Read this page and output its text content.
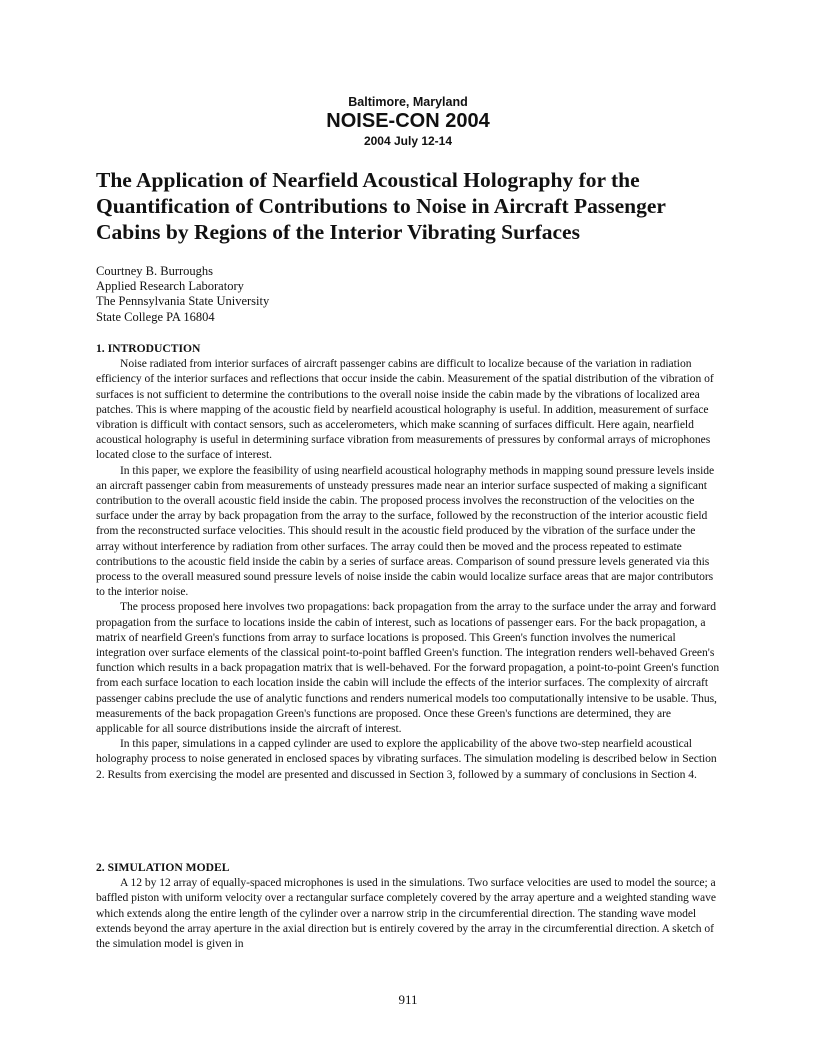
Baltimore, Maryland
NOISE-CON 2004
2004 July 12-14
The Application of Nearfield Acoustical Holography for the Quantification of Contributions to Noise in Aircraft Passenger Cabins by Regions of the Interior Vibrating Surfaces
Courtney B. Burroughs
Applied Research Laboratory
The Pennsylvania State University
State College PA 16804
1. INTRODUCTION

Noise radiated from interior surfaces of aircraft passenger cabins are difficult to localize because of the variation in radiation efficiency of the interior surfaces and reflections that occur inside the cabin. Measurement of the spatial distribution of the vibration of surfaces is not sufficient to determine the contributions to the overall noise inside the cabin made by the vibrations of localized area patches. This is where mapping of the acoustic field by nearfield acoustical holography is useful. In addition, measurement of surface vibration is difficult with contact sensors, such as accelerometers, which make scanning of surfaces difficult. Here again, nearfield acoustical holography is useful in determining surface vibration from measurements of pressures by conformal arrays of microphones located close to the surface of interest.

In this paper, we explore the feasibility of using nearfield acoustical holography methods in mapping sound pressure levels inside an aircraft passenger cabin from measurements of unsteady pressures made near an interior surface suspected of making a significant contribution to the overall acoustic field inside the cabin. The proposed process involves the reconstruction of the velocities on the surface under the array by back propagation from the array to the surface, followed by the reconstruction of the interior acoustic field from the reconstructed surface velocities. This should result in the acoustic field produced by the vibration of the surface under the array without interference by radiation from other surfaces. The array could then be moved and the process repeated to estimate contributions to the acoustic field inside the cabin by a series of surface areas. Comparison of sound pressure levels generated via this process to the overall measured sound pressure levels of noise inside the cabin would localize surface areas that are major contributors to the interior noise.

The process proposed here involves two propagations: back propagation from the array to the surface under the array and forward propagation from the surface to locations inside the cabin of interest, such as locations of passenger ears. For the back propagation, a matrix of nearfield Green's functions from array to surface locations is proposed. This Green's function involves the numerical integration over surface elements of the classical point-to-point baffled Green's function. The integration renders well-behaved Green's function which results in a back propagation matrix that is well-behaved. For the forward propagation, a point-to-point Green's function from each surface location to each location inside the cabin will include the effects of the interior surfaces. The complexity of aircraft passenger cabins preclude the use of analytic functions and renders numerical models too computationally intensive to be usable. Thus, measurements of the back propagation Green's functions are proposed. Once these Green's functions are determined, they are applicable for all source distributions inside the aircraft of interest.

In this paper, simulations in a capped cylinder are used to explore the applicability of the above two-step nearfield acoustical holography process to noise generated in enclosed spaces by vibrating surfaces. The simulation modeling is described below in Section 2. Results from exercising the model are presented and discussed in Section 3, followed by a summary of conclusions in Section 4.

2. SIMULATION MODEL

A 12 by 12 array of equally-spaced microphones is used in the simulations. Two surface velocities are used to model the source; a baffled piston with uniform velocity over a rectangular surface completely covered by the array aperture and a weighted standing wave which extends along the entire length of the cylinder over a narrow strip in the circumferential direction. The standing wave model extends beyond the array aperture in the axial direction but is entirely covered by the array in the circumferential direction. A sketch of the simulation model is given in

911
